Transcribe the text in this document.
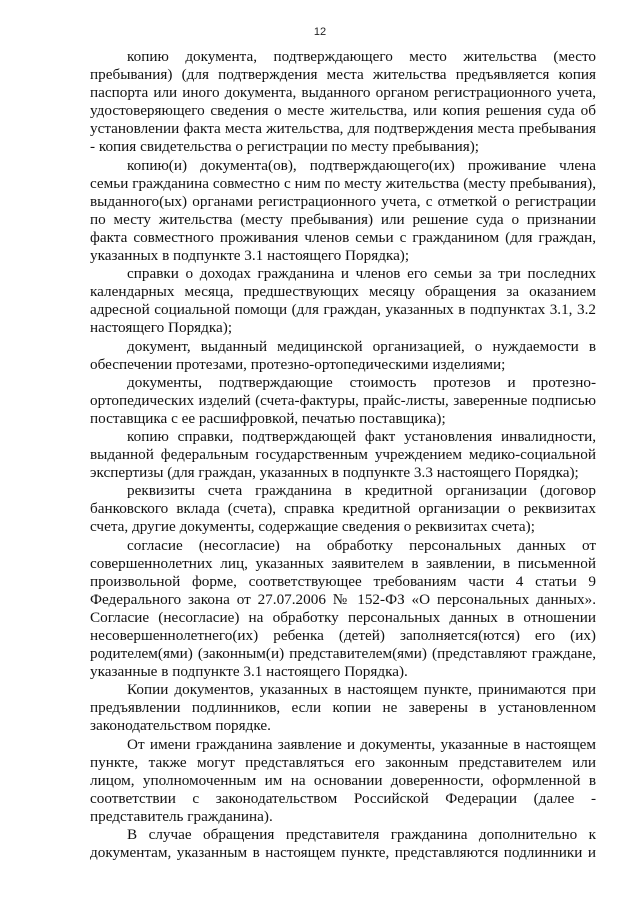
12

копию документа, подтверждающего место жительства (место пребывания) (для подтверждения места жительства предъявляется копия паспорта или иного документа, выданного органом регистрационного учета, удостоверяющего сведения о месте жительства, или копия решения суда об установлении факта места жительства, для подтверждения места пребывания - копия свидетельства о регистрации по месту пребывания);

копию(и) документа(ов), подтверждающего(их) проживание члена семьи гражданина совместно с ним по месту жительства (месту пребывания), выданного(ых) органами регистрационного учета, с отметкой о регистрации по месту жительства (месту пребывания) или решение суда о признании факта совместного проживания членов семьи с гражданином (для граждан, указанных в подпункте 3.1 настоящего Порядка);

справки о доходах гражданина и членов его семьи за три последних календарных месяца, предшествующих месяцу обращения за оказанием адресной социальной помощи (для граждан, указанных в подпунктах 3.1, 3.2 настоящего Порядка);

документ, выданный медицинской организацией, о нуждаемости в обеспечении протезами, протезно-ортопедическими изделиями;

документы, подтверждающие стоимость протезов и протезно-ортопедических изделий (счета-фактуры, прайс-листы, заверенные подписью поставщика с ее расшифровкой, печатью поставщика);

копию справки, подтверждающей факт установления инвалидности, выданной федеральным государственным учреждением медико-социальной экспертизы (для граждан, указанных в подпункте 3.3 настоящего Порядка);

реквизиты счета гражданина в кредитной организации (договор банковского вклада (счета), справка кредитной организации о реквизитах счета, другие документы, содержащие сведения о реквизитах счета);

согласие (несогласие) на обработку персональных данных от совершеннолетних лиц, указанных заявителем в заявлении, в письменной произвольной форме, соответствующее требованиям части 4 статьи 9 Федерального закона от 27.07.2006 № 152-ФЗ «О персональных данных». Согласие (несогласие) на обработку персональных данных в отношении несовершеннолетнего(их) ребенка (детей) заполняется(ются) его (их) родителем(ями) (законным(и) представителем(ями) (представляют граждане, указанные в подпункте 3.1 настоящего Порядка).

Копии документов, указанных в настоящем пункте, принимаются при предъявлении подлинников, если копии не заверены в установленном законодательством порядке.

От имени гражданина заявление и документы, указанные в настоящем пункте, также могут представляться его законным представителем или лицом, уполномоченным им на основании доверенности, оформленной в соответствии с законодательством Российской Федерации (далее - представитель гражданина).

В случае обращения представителя гражданина дополнительно к документам, указанным в настоящем пункте, представляются подлинники и
